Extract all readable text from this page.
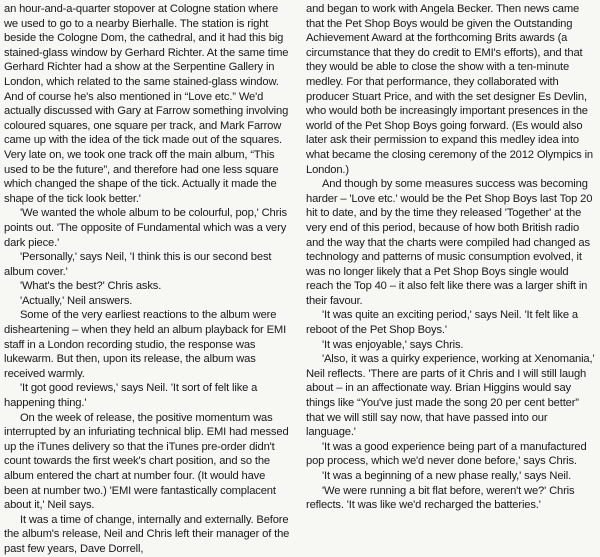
an hour-and-a-quarter stopover at Cologne station where we used to go to a nearby Bierhalle. The station is right beside the Cologne Dom, the cathedral, and it had this big stained-glass window by Gerhard Richter. At the same time Gerhard Richter had a show at the Serpentine Gallery in London, which related to the same stained-glass window. And of course he's also mentioned in “Love etc.” We'd actually discussed with Gary at Farrow something involving coloured squares, one square per track, and Mark Farrow came up with the idea of the tick made out of the squares. Very late on, we took one track off the main album, “This used to be the future”, and therefore had one less square which changed the shape of the tick. Actually it made the shape of the tick look better.'

'We wanted the whole album to be colourful, pop,' Chris points out. 'The opposite of Fundamental which was a very dark piece.'

'Personally,' says Neil, 'I think this is our second best album cover.'

'What's the best?' Chris asks.

'Actually,' Neil answers.

Some of the very earliest reactions to the album were disheartening – when they held an album playback for EMI staff in a London recording studio, the response was lukewarm. But then, upon its release, the album was received warmly.

'It got good reviews,' says Neil. 'It sort of felt like a happening thing.'

On the week of release, the positive momentum was interrupted by an infuriating technical blip. EMI had messed up the iTunes delivery so that the iTunes pre-order didn't count towards the first week's chart position, and so the album entered the chart at number four. (It would have been at number two.) 'EMI were fantastically complacent about it,' Neil says.

It was a time of change, internally and externally. Before the album's release, Neil and Chris left their manager of the past few years, Dave Dorrell,

and began to work with Angela Becker. Then news came that the Pet Shop Boys would be given the Outstanding Achievement Award at the forthcoming Brits awards (a circumstance that they do credit to EMI's efforts), and that they would be able to close the show with a ten-minute medley. For that performance, they collaborated with producer Stuart Price, and with the set designer Es Devlin, who would both be increasingly important presences in the world of the Pet Shop Boys going forward. (Es would also later ask their permission to expand this medley idea into what became the closing ceremony of the 2012 Olympics in London.)

And though by some measures success was becoming harder – 'Love etc.' would be the Pet Shop Boys last Top 20 hit to date, and by the time they released 'Together' at the very end of this period, because of how both British radio and the way that the charts were compiled had changed as technology and patterns of music consumption evolved, it was no longer likely that a Pet Shop Boys single would reach the Top 40 – it also felt like there was a larger shift in their favour.

'It was quite an exciting period,' says Neil. 'It felt like a reboot of the Pet Shop Boys.'

'It was enjoyable,' says Chris.

'Also, it was a quirky experience, working at Xenomania,' Neil reflects. 'There are parts of it Chris and I will still laugh about – in an affectionate way. Brian Higgins would say things like “You've just made the song 20 per cent better” that we will still say now, that have passed into our language.'

'It was a good experience being part of a manufactured pop process, which we'd never done before,' says Chris.

'It was a beginning of a new phase really,' says Neil.

'We were running a bit flat before, weren't we?' Chris reflects. 'It was like we'd recharged the batteries.'
